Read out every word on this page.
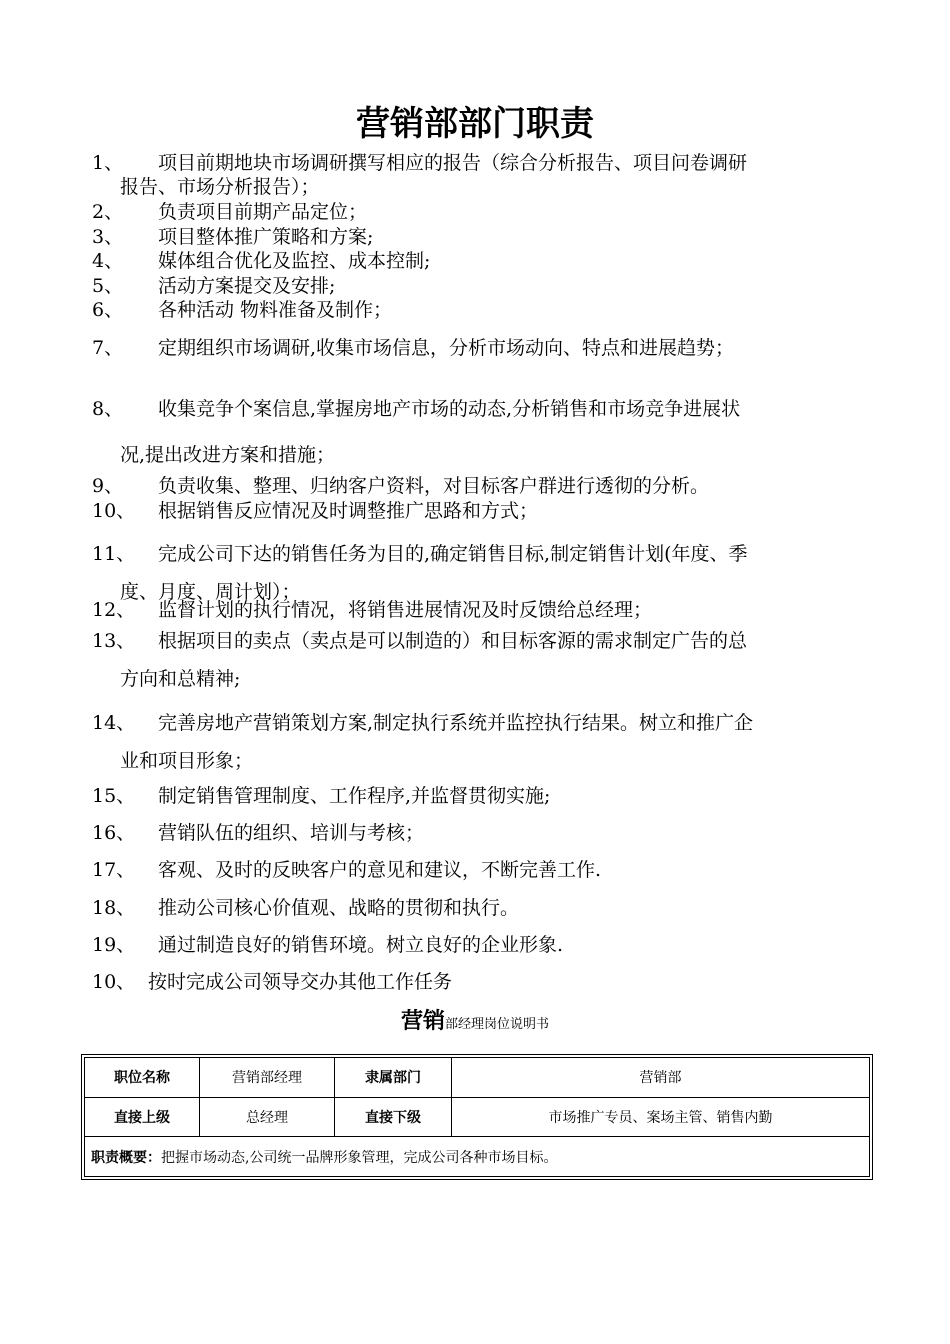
营销部部门职责
1、	项目前期地块市场调研撰写相应的报告（综合分析报告、项目问卷调研
报告、市场分析报告）；
2、	负责项目前期产品定位；
3、	项目整体推广策略和方案;
4、	媒体组合优化及监控、成本控制;
5、	活动方案提交及安排;
6、	各种活动 物料准备及制作；
7、	定期组织市场调研,收集市场信息，分析市场动向、特点和进展趋势；
8、	收集竞争个案信息,掌握房地产市场的动态,分析销售和市场竞争进展状
况,提出改进方案和措施；
9、	负责收集、整理、归纳客户资料，对目标客户群进行透彻的分析。
10、	根据销售反应情况及时调整推广思路和方式；
11、	完成公司下达的销售任务为目的,确定销售目标,制定销售计划(年度、季
度、月度、周计划）；
12、	监督计划的执行情况，将销售进展情况及时反馈给总经理；
13、	根据项目的卖点（卖点是可以制造的）和目标客源的需求制定广告的总
方向和总精神;
14、	完善房地产营销策划方案,制定执行系统并监控执行结果。树立和推广企
业和项目形象；
15、	制定销售管理制度、工作程序,并监督贯彻实施;
16、	营销队伍的组织、培训与考核；
17、	客观、及时的反映客户的意见和建议，不断完善工作.
18、	推动公司核心价值观、战略的贯彻和执行。
19、	通过制造良好的销售环境。树立良好的企业形象.
10、 按时完成公司领导交办其他工作任务
营销部经理岗位说明书
职位名称	营销部经理	隶属部门	营销部
直接上级	总经理	直接下级	市场推广专员、案场主管、销售内勤
职责概要：把握市场动态,公司统一品牌形象管理，完成公司各种市场目标。			
